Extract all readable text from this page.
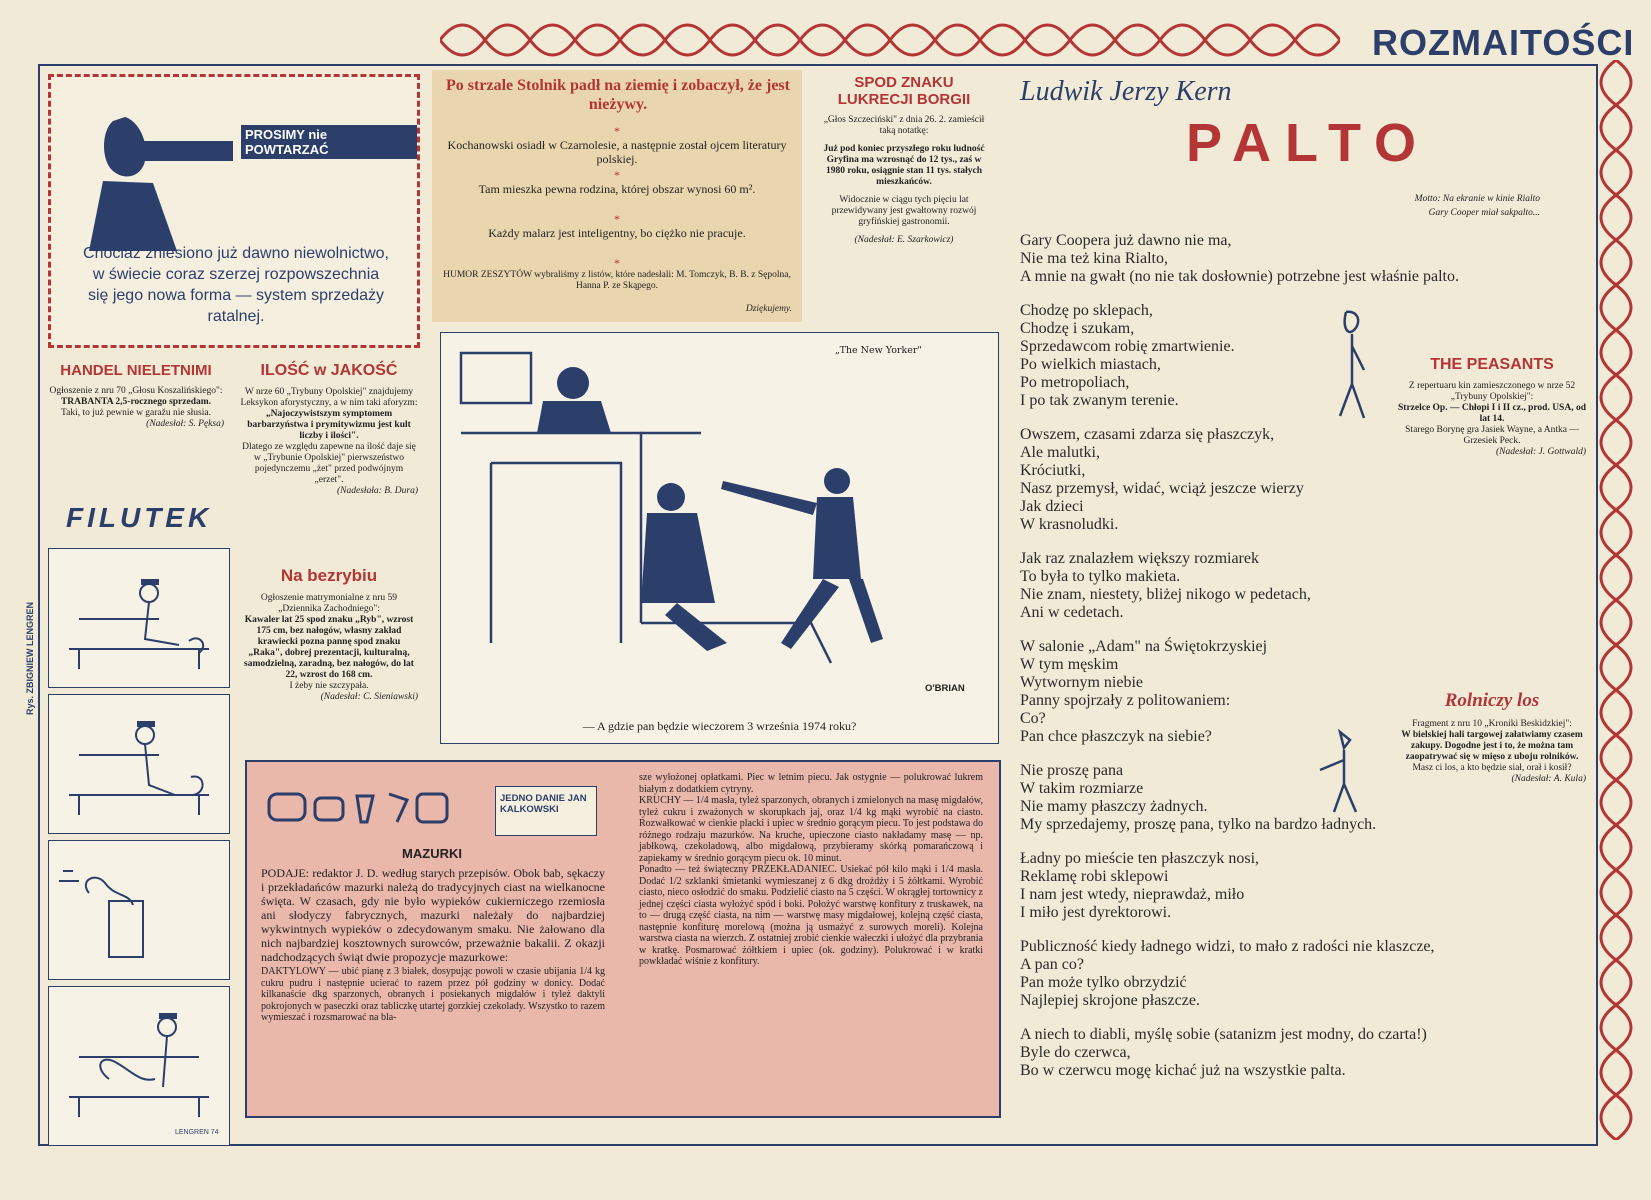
ROZMAITOŚCI
Rys. ZBIGNIEW LENGREN
PROSIMY nie POWTARZAĆ
Chociaż zniesiono już dawno niewolnictwo, w świecie coraz szerzej rozpowszechnia się jego nowa forma — system sprzedaży ratalnej.
Po strzale Stolnik padł na ziemię i zobaczył, że jest nieżywy.
*
Kochanowski osiadł w Czarnolesie, a następnie został ojcem literatury polskiej.
*
Tam mieszka pewna rodzina, której obszar wynosi 60 m².
*
Każdy malarz jest inteligentny, bo ciężko nie pracuje.
*
HUMOR ZESZYTÓW wybraliśmy z listów, które nadesłali: M. Tomczyk, B. B. z Sępolna, Hanna P. ze Skąpego.
Dziękujemy.
SPOD ZNAKU LUKRECJI BORGII
„Głos Szczeciński" z dnia 26. 2. zamieścił taką notatkę:
Już pod koniec przyszłego roku ludność Gryfina ma wzrosnąć do 12 tys., zaś w 1980 roku, osiągnie stan 11 tys. stałych mieszkańców.
Widocznie w ciągu tych pięciu lat przewidywany jest gwałtowny rozwój gryfińskiej gastronomii.
(Nadesłał: E. Szarkowicz)
„The New Yorker"
O'BRIAN
— A gdzie pan będzie wieczorem 3 września 1974 roku?
HANDEL NIELETNIMI
Ogłoszenie z nru 70 „Głosu Koszalińskiego":
TRABANTA 2,5-rocznego sprzedam.
Taki, to już pewnie w garažu nie słusia.
(Nadesłał: S. Pęksa)
ILOŚĆ w JAKOŚĆ
W nrze 60 „Trybuny Opolskiej" znajdujemy Leksykon aforystyczny, a w nim taki aforyzm:
„Najoczywistszym symptomem barbarzyństwa i prymitywizmu jest kult liczby i ilości".
Dlatego ze względu zapewne na ilość daje się w „Trybunie Opolskiej" pierwszeństwo pojedynczemu „żet" przed podwójnym „erzet".
(Nadesłała: B. Dura)
FILUTEK
LENGREN 74
Na bezrybiu
Ogłoszenie matrymonialne z nru 59 „Dziennika Zachodniego":
Kawaler lat 25 spod znaku „Ryb", wzrost 175 cm, bez nałogów, własny zakład krawiecki pozna pannę spod znaku „Raka", dobrej prezentacji, kulturalną, samodzielną, zaradną, bez nałogów, do lat 22, wzrost do 168 cm.
I żeby nie szczypała.
(Nadesłał: C. Sieniawski)
JEDNO DANIE JAN KALKOWSKI
MAZURKI
PODAJE: redaktor J. D. według starych przepisów. Obok bab, sękaczy i przekładańców mazurki należą do tradycyjnych ciast na wielkanocne święta. W czasach, gdy nie było wypieków cukierniczego rzemiosła ani słodyczy fabrycznych, mazurki należały do najbardziej wykwintnych wypieków o zdecydowanym smaku. Nie żałowano dla nich najbardziej kosztownych surowców, przeważnie bakalii. Z okazji nadchodzących świąt dwie propozycje mazurkowe:
DAKTYLOWY — ubić pianę z 3 białek, dosypując powoli w czasie ubijania 1/4 kg cukru pudru i następnie ucierać to razem przez pół godziny w donicy. Dodać kilkanaście dkg sparzonych, obranych i posiekanych migdałów i tyleż daktyli pokrojonych w paseczki oraz tabliczkę utartej gorzkiej czekolady. Wszystko to razem wymieszać i rozsmarować na bla-
sze wyłożonej opłatkami. Piec w letnim piecu. Jak ostygnie — polukrować lukrem białym z dodatkiem cytryny.
KRUCHY — 1/4 masła, tyleż sparzonych, obranych i zmielonych na masę migdałów, tyleż cukru i zważonych w skorupkach jaj, oraz 1/4 kg mąki wyrobić na ciasto. Rozwałkować w cienkie placki i upiec w średnio gorącym piecu. To jest podstawa do różnego rodzaju mazurków. Na kruche, upieczone ciasto nakładamy masę — np. jabłkową, czekoladową, albo migdałową, przybieramy skórką pomarańczową i zapiekamy w średnio gorącym piecu ok. 10 minut.
Ponadto — też świąteczny PRZEKŁADANIEC. Usiekać pół kilo mąki i 1/4 masła. Dodać 1/2 szklanki śmietanki wymieszanej z 6 dkg drożdży i 5 żółtkami. Wyrobić ciasto, nieco osłodzić do smaku. Podzielić ciasto na 5 części. W okrągłej tortownicy z jednej części ciasta wyłożyć spód i boki. Położyć warstwę konfitury z truskawek, na to — drugą część ciasta, na nim — warstwę masy migdałowej, kolejną część ciasta, następnie konfiturę morelową (można ją usmażyć z surowych moreli). Kolejna warstwa ciasta na wierzch. Z ostatniej zrobić cienkie wałeczki i ułożyć dla przybrania w kratkę. Posmarować żółtkiem i upiec (ok. godziny). Polukrować i w kratki powkładać wiśnie z konfitury.
Ludwik Jerzy Kern
PALTO
Motto: Na ekranie w kinie Rialto
Gary Cooper miał sakpalto...
Gary Coopera już dawno nie ma,
Nie ma też kina Rialto,
A mnie na gwałt (no nie tak dosłownie) potrzebne jest właśnie palto.
Chodzę po sklepach,
Chodzę i szukam,
Sprzedawcom robię zmartwienie.
Po wielkich miastach,
Po metropoliach,
I po tak zwanym terenie.
Owszem, czasami zdarza się płaszczyk,
Ale malutki,
Króciutki,
Nasz przemysł, widać, wciąż jeszcze wierzy
Jak dzieci
W krasnoludki.
Jak raz znalazłem większy rozmiarek
To była to tylko makieta.
Nie znam, niestety, bliżej nikogo w pedetach,
Ani w cedetach.
W salonie „Adam" na Świętokrzyskiej
W tym męskim
Wytwornym niebie
Panny spojrzały z politowaniem:
Co?
Pan chce płaszczyk na siebie?
Nie proszę pana
W takim rozmiarze
Nie mamy płaszczy żadnych.
My sprzedajemy, proszę pana, tylko na bardzo ładnych.
Ładny po mieście ten płaszczyk nosi,
Reklamę robi sklepowi
I nam jest wtedy, nieprawdaż, miło
I miło jest dyrektorowi.
Publiczność kiedy ładnego widzi, to mało z radości nie klaszcze,
A pan co?
Pan może tylko obrzydzić
Najlepiej skrojone płaszcze.
A niech to diabli, myślę sobie (satanizm jest modny, do czarta!)
Byle do czerwca,
Bo w czerwcu mogę kichać już na wszystkie palta.
THE PEASANTS
Z repertuaru kin zamieszczonego w nrze 52 „Trybuny Opolskiej":
Strzelce Op. — Chłopi I i II cz., prod. USA, od lat 14.
Starego Borynę gra Jasiek Wayne, a Antka — Grzesiek Peck.
(Nadesłał: J. Gottwald)
Rolniczy los
Fragment z nru 10 „Kroniki Beskidzkiej":
W bielskiej hali targowej załatwiamy czasem zakupy. Dogodne jest i to, że można tam zaopatrywać się w mięso z uboju rolników.
Masz ci los, a kto będzie siał, orał i kosił?
(Nadesłał: A. Kula)
